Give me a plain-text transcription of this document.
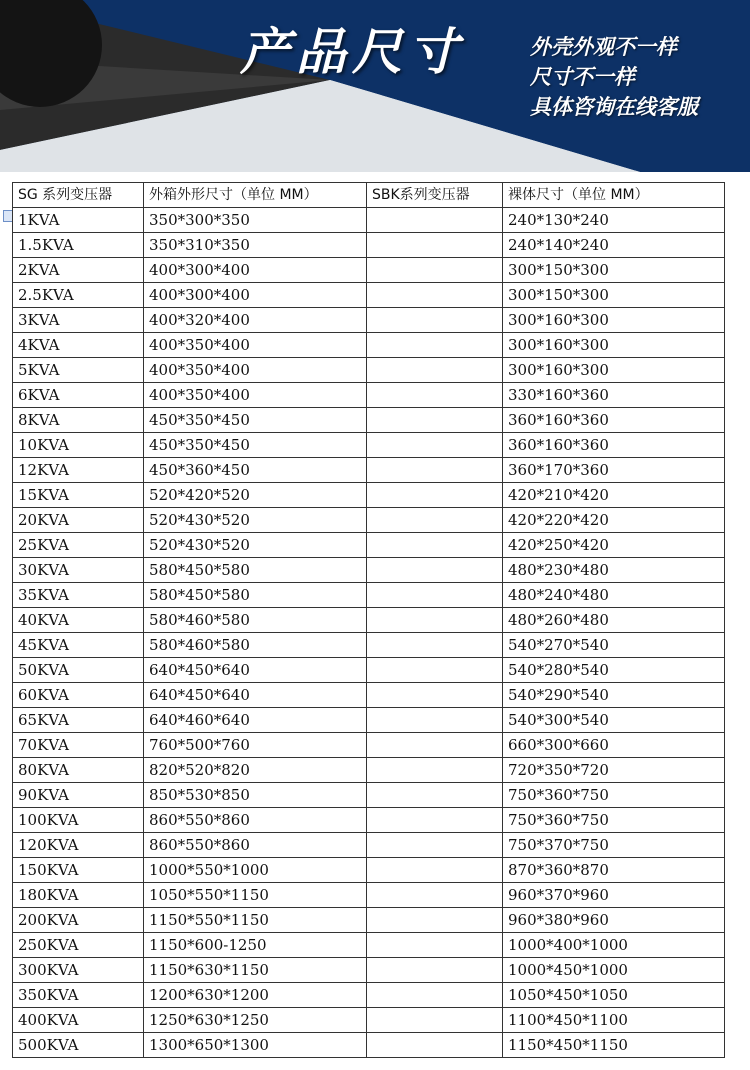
产品尺寸	外壳外观不一样
尺寸不一样
具体咨询在线客服
SG 系列变压器	外箱外形尺寸（单位 MM）	SBK系列变压器	裸体尺寸（单位 MM）
1KVA	350*300*350		240*130*240
1.5KVA	350*310*350		240*140*240
2KVA	400*300*400		300*150*300
2.5KVA	400*300*400		300*150*300
3KVA	400*320*400		300*160*300
4KVA	400*350*400		300*160*300
5KVA	400*350*400		300*160*300
6KVA	400*350*400		330*160*360
8KVA	450*350*450		360*160*360
10KVA	450*350*450		360*160*360
12KVA	450*360*450		360*170*360
15KVA	520*420*520		420*210*420
20KVA	520*430*520		420*220*420
25KVA	520*430*520		420*250*420
30KVA	580*450*580		480*230*480
35KVA	580*450*580		480*240*480
40KVA	580*460*580		480*260*480
45KVA	580*460*580		540*270*540
50KVA	640*450*640		540*280*540
60KVA	640*450*640		540*290*540
65KVA	640*460*640		540*300*540
70KVA	760*500*760		660*300*660
80KVA	820*520*820		720*350*720
90KVA	850*530*850		750*360*750
100KVA	860*550*860		750*360*750
120KVA	860*550*860		750*370*750
150KVA	1000*550*1000		870*360*870
180KVA	1050*550*1150		960*370*960
200KVA	1150*550*1150		960*380*960
250KVA	1150*600-1250		1000*400*1000
300KVA	1150*630*1150		1000*450*1000
350KVA	1200*630*1200		1050*450*1050
400KVA	1250*630*1250		1100*450*1100
500KVA	1300*650*1300		1150*450*1150
